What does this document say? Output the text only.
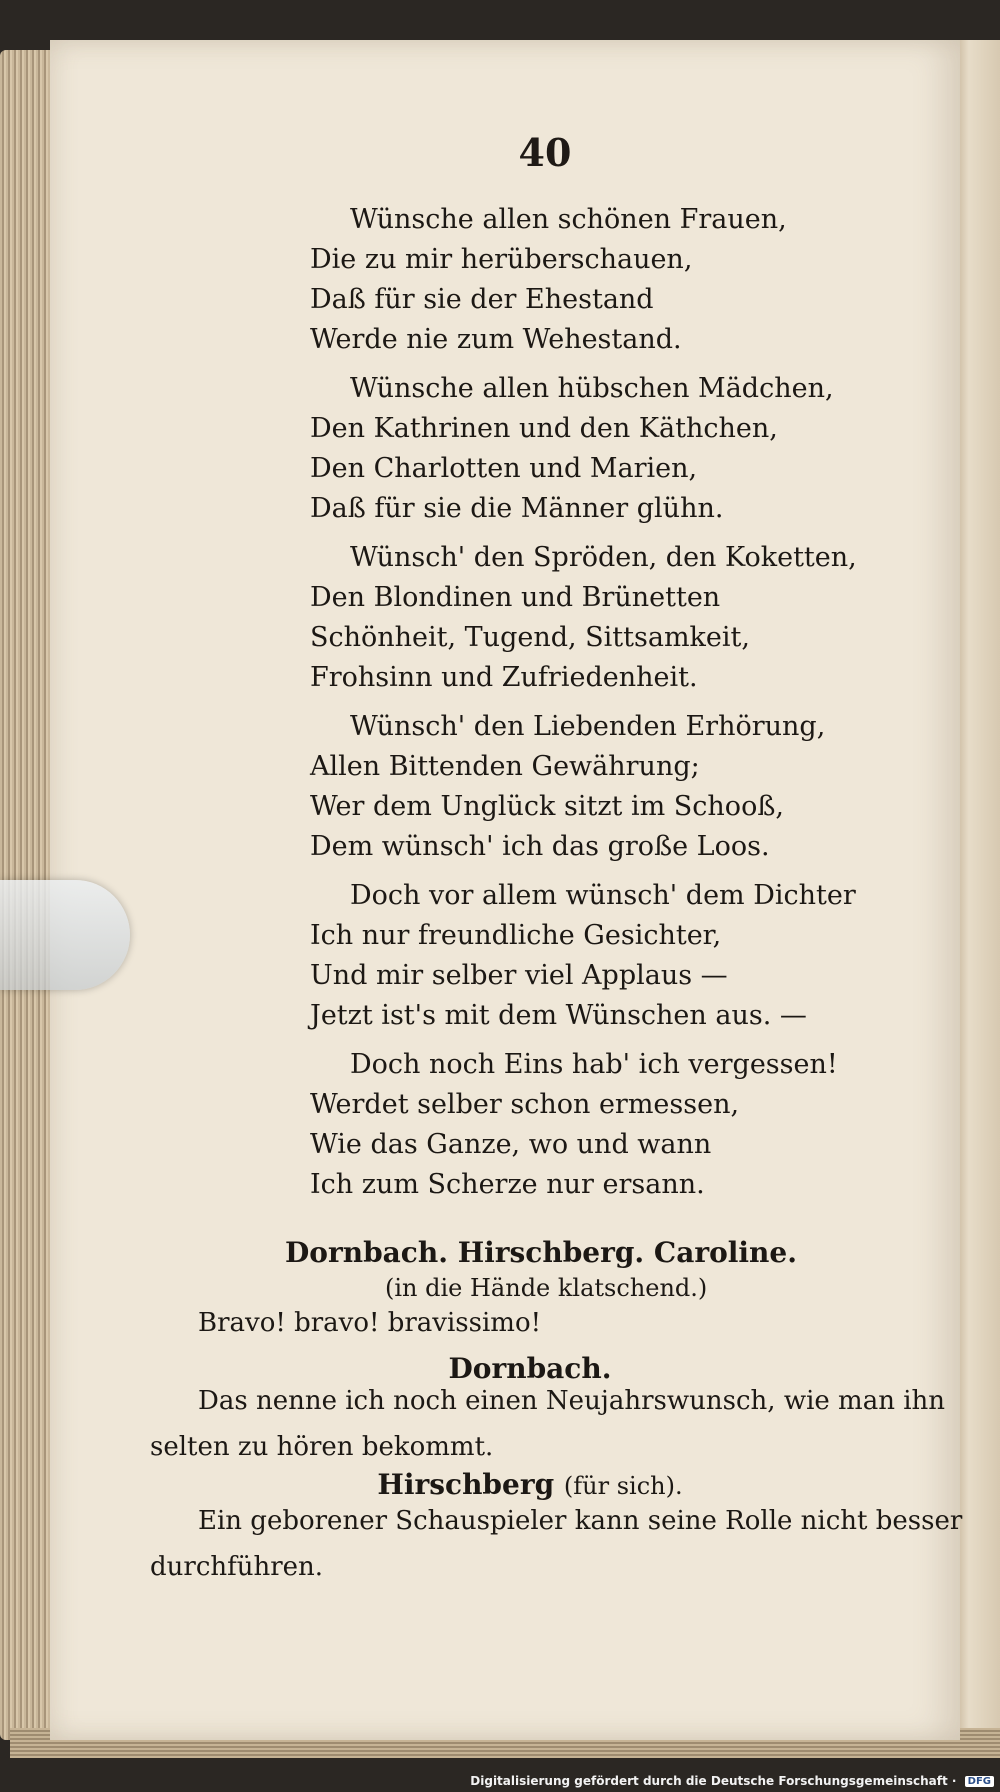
40
Wünsche allen schönen Frauen,
Die zu mir herüberschauen,
Daß für sie der Ehestand
Werde nie zum Wehestand.
Wünsche allen hübschen Mädchen,
Den Kathrinen und den Käthchen,
Den Charlotten und Marien,
Daß für sie die Männer glühn.
Wünsch' den Spröden, den Koketten,
Den Blondinen und Brünetten
Schönheit, Tugend, Sittsamkeit,
Frohsinn und Zufriedenheit.
Wünsch' den Liebenden Erhörung,
Allen Bittenden Gewährung;
Wer dem Unglück sitzt im Schooß,
Dem wünsch' ich das große Loos.
Doch vor allem wünsch' dem Dichter
Ich nur freundliche Gesichter,
Und mir selber viel Applaus —
Jetzt ist's mit dem Wünschen aus. —
Doch noch Eins hab' ich vergessen!
Werdet selber schon ermessen,
Wie das Ganze, wo und wann
Ich zum Scherze nur ersann.
Dornbach. Hirschberg. Caroline.
(in die Hände klatschend.)
Bravo! bravo! bravissimo!
Dornbach.
Das nenne ich noch einen Neujahrswunsch, wie man ihn
selten zu hören bekommt.
Hirschberg (für sich).
Ein geborener Schauspieler kann seine Rolle nicht besser
durchführen.
Digitalisierung gefördert durch die Deutsche Forschungsgemeinschaft · DFG
